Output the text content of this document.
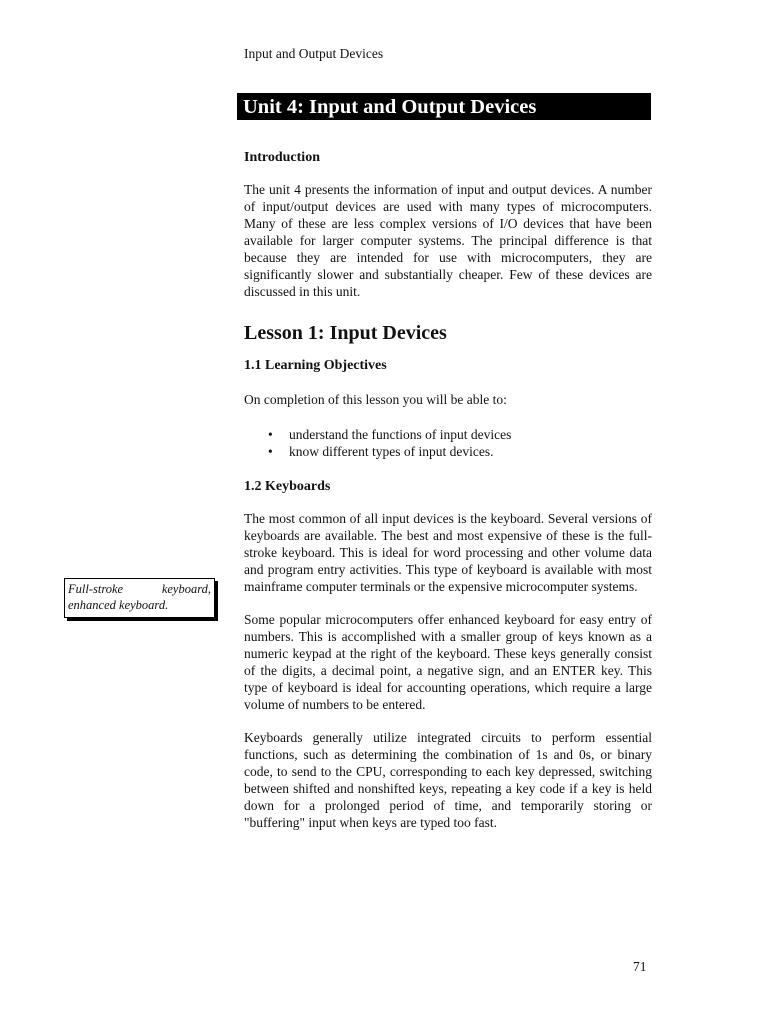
Input and Output Devices
Unit 4: Input and Output Devices
Introduction

The unit 4 presents the information of input and output devices. A number of input/output devices are used with many types of microcomputers. Many of these are less complex versions of I/O devices that have been available for larger computer systems. The principal difference is that because they are intended for use with microcomputers, they are significantly slower and substantially cheaper. Few of these devices are discussed in this unit.

Lesson 1: Input Devices
1.1 Learning Objectives

On completion of this lesson you will be able to:

• understand the functions of input devices
• know different types of input devices.
1.2 Keyboards

The most common of all input devices is the keyboard. Several versions of keyboards are available. The best and most expensive of these is the full-stroke keyboard. This is ideal for word processing and other volume data and program entry activities. This type of keyboard is available with most mainframe computer terminals or the expensive microcomputer systems.

Some popular microcomputers offer enhanced keyboard for easy entry of numbers. This is accomplished with a smaller group of keys known as a numeric keypad at the right of the keyboard. These keys generally consist of the digits, a decimal point, a negative sign, and an ENTER key. This type of keyboard is ideal for accounting operations, which require a large volume of numbers to be entered.

Keyboards generally utilize integrated circuits to perform essential functions, such as determining the combination of 1s and 0s, or binary code, to send to the CPU, corresponding to each key depressed, switching between shifted and nonshifted keys, repeating a key code if a key is held down for a prolonged period of time, and temporarily storing or "buffering" input when keys are typed too fast.

Full-stroke keyboard, enhanced keyboard.
71
